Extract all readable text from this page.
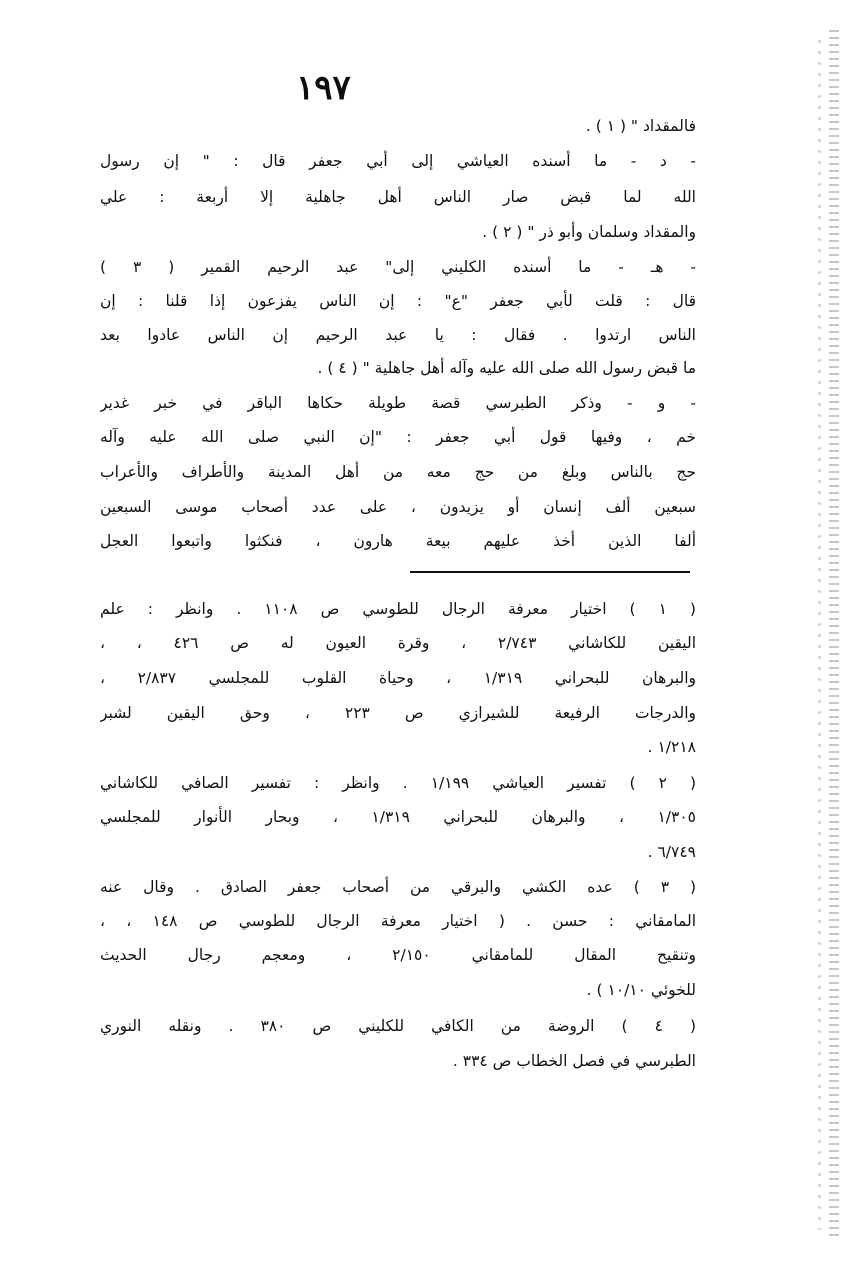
١٩٧
فالمقداد " ( ١ ) .
- د - ما أسنده العياشي إلى أبي جعفر قال : " إن رسول
الله لما قبض صار الناس أهل جاهلية إلا أربعة : علي
والمقداد وسلمان وأبو ذر " ( ٢ ) .
- هـ - ما أسنده الكليني إلى" عبد الرحيم القمير ( ٣ )
قال : قلت لأبي جعفر "ع" : إن الناس يفزعون إذا قلنا : إن
الناس ارتدوا . فقال : يا عبد الرحيم إن الناس عادوا بعد
ما قبض رسول الله صلى الله عليه وآله أهل جاهلية " ( ٤ ) .
- و - وذكر الطبرسي قصة طويلة حكاها الباقر في خبر غدير
خم ، وفيها قول أبي جعفر : "إن النبي صلى الله عليه وآله
حج بالناس وبلغ من حج معه من أهل المدينة والأطراف والأعراب
سبعين ألف إنسان أو يزيدون ، على عدد أصحاب موسى السبعين
ألفا الذين أخذ عليهم بيعة هارون ، فنكثوا واتبعوا العجل
( ١ ) اختيار معرفة الرجال للطوسي ص ١١٠٨ . وانظر : علم
اليقين للكاشاني ٢/٧٤٣ ، وقرة العيون له ص ٤٢٦ ، ،
والبرهان للبحراني ١/٣١٩ ، وحياة القلوب للمجلسي ٢/٨٣٧ ،
والدرجات الرفيعة للشيرازي ص ٢٢٣ ، وحق اليقين لشبر
١/٢١٨ .
( ٢ ) تفسير العياشي ١/١٩٩ . وانظر : تفسير الصافي للكاشاني
١/٣٠٥ ، والبرهان للبحراني ١/٣١٩ ، وبحار الأنوار للمجلسي
٦/٧٤٩ .
( ٣ ) عده الكشي والبرقي من أصحاب جعفر الصادق . وقال عنه
المامقاني : حسن . ( اختيار معرفة الرجال للطوسي ص ١٤٨ ، ،
وتنقيح المقال للمامقاني ٢/١٥٠ ، ومعجم رجال الحديث
للخوئي ١٠/١٠ ) .
( ٤ ) الروضة من الكافي للكليني ص ٣٨٠ . ونقله النوري
الطبرسي في فصل الخطاب ص ٣٣٤ .
